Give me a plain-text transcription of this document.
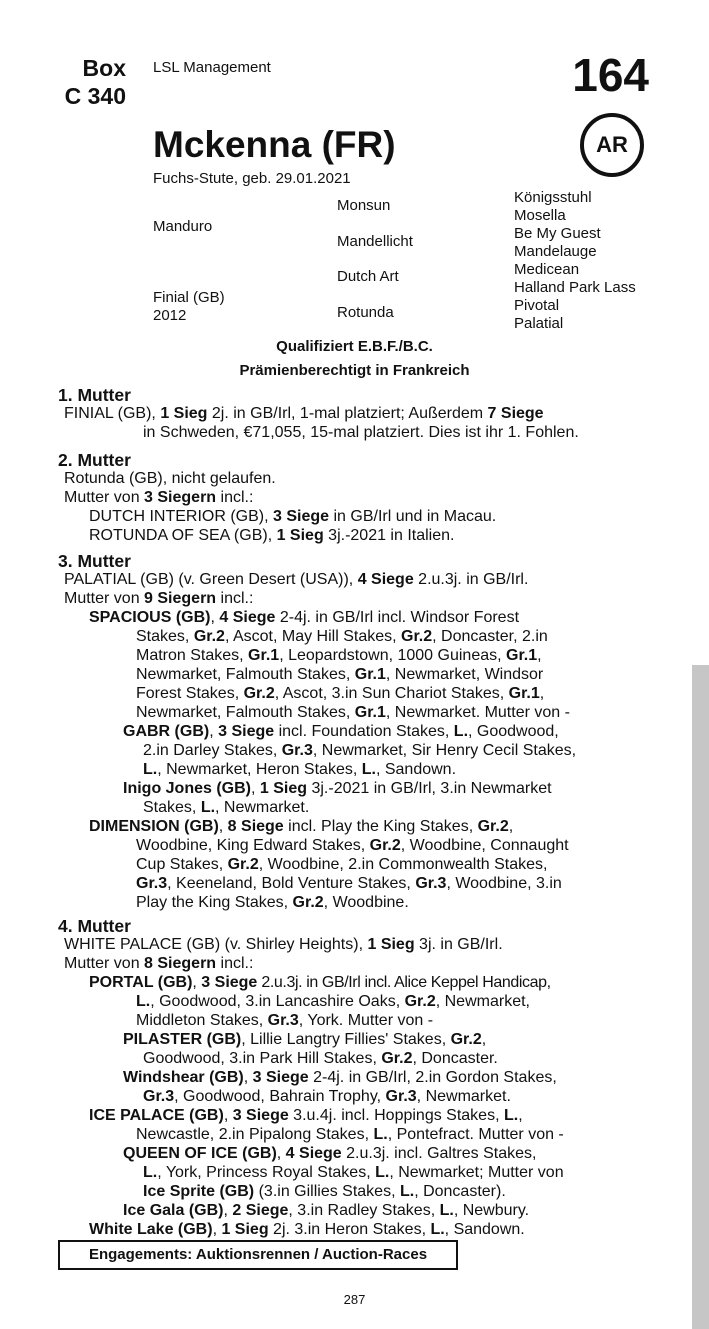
Box
C 340
LSL Management	164
Mckenna (FR)	AR
Fuchs-Stute, geb. 29.01.2021
Manduro
Finial (GB)
2012
Monsun
Mandellicht
Dutch Art
Rotunda
Königsstuhl
Mosella
Be My Guest
Mandelauge
Medicean
Halland Park Lass
Pivotal
Palatial
Qualifiziert E.B.F./B.C.
Prämienberechtigt in Frankreich
1. Mutter
FINIAL (GB), 1 Sieg 2j. in GB/Irl, 1-mal platziert; Außerdem 7 Siege
in Schweden, €71,055, 15-mal platziert. Dies ist ihr 1. Fohlen.
2. Mutter
Rotunda (GB), nicht gelaufen.
Mutter von 3 Siegern incl.:
DUTCH INTERIOR (GB), 3 Siege in GB/Irl und in Macau.
ROTUNDA OF SEA (GB), 1 Sieg 3j.-2021 in Italien.
3. Mutter
PALATIAL (GB) (v. Green Desert (USA)), 4 Siege 2.u.3j. in GB/Irl.
Mutter von 9 Siegern incl.:
SPACIOUS (GB), 4 Siege 2-4j. in GB/Irl incl. Windsor Forest
Stakes, Gr.2, Ascot, May Hill Stakes, Gr.2, Doncaster, 2.in
Matron Stakes, Gr.1, Leopardstown, 1000 Guineas, Gr.1,
Newmarket, Falmouth Stakes, Gr.1, Newmarket, Windsor
Forest Stakes, Gr.2, Ascot, 3.in Sun Chariot Stakes, Gr.1,
Newmarket, Falmouth Stakes, Gr.1, Newmarket. Mutter von -
GABR (GB), 3 Siege incl. Foundation Stakes, L., Goodwood,
2.in Darley Stakes, Gr.3, Newmarket, Sir Henry Cecil Stakes,
L., Newmarket, Heron Stakes, L., Sandown.
Inigo Jones (GB), 1 Sieg 3j.-2021 in GB/Irl, 3.in Newmarket
Stakes, L., Newmarket.
DIMENSION (GB), 8 Siege incl. Play the King Stakes, Gr.2,
Woodbine, King Edward Stakes, Gr.2, Woodbine, Connaught
Cup Stakes, Gr.2, Woodbine, 2.in Commonwealth Stakes,
Gr.3, Keeneland, Bold Venture Stakes, Gr.3, Woodbine, 3.in
Play the King Stakes, Gr.2, Woodbine.
4. Mutter
WHITE PALACE (GB) (v. Shirley Heights), 1 Sieg 3j. in GB/Irl.
Mutter von 8 Siegern incl.:
PORTAL (GB), 3 Siege 2.u.3j. in GB/Irl incl. Alice Keppel Handicap,
L., Goodwood, 3.in Lancashire Oaks, Gr.2, Newmarket,
Middleton Stakes, Gr.3, York. Mutter von -
PILASTER (GB), Lillie Langtry Fillies' Stakes, Gr.2,
Goodwood, 3.in Park Hill Stakes, Gr.2, Doncaster.
Windshear (GB), 3 Siege 2-4j. in GB/Irl, 2.in Gordon Stakes,
Gr.3, Goodwood, Bahrain Trophy, Gr.3, Newmarket.
ICE PALACE (GB), 3 Siege 3.u.4j. incl. Hoppings Stakes, L.,
Newcastle, 2.in Pipalong Stakes, L., Pontefract. Mutter von -
QUEEN OF ICE (GB), 4 Siege 2.u.3j. incl. Galtres Stakes,
L., York, Princess Royal Stakes, L., Newmarket; Mutter von
Ice Sprite (GB) (3.in Gillies Stakes, L., Doncaster).
Ice Gala (GB), 2 Siege, 3.in Radley Stakes, L., Newbury.
White Lake (GB), 1 Sieg 2j. 3.in Heron Stakes, L., Sandown.
Engagements: Auktionsrennen / Auction-Races
287
